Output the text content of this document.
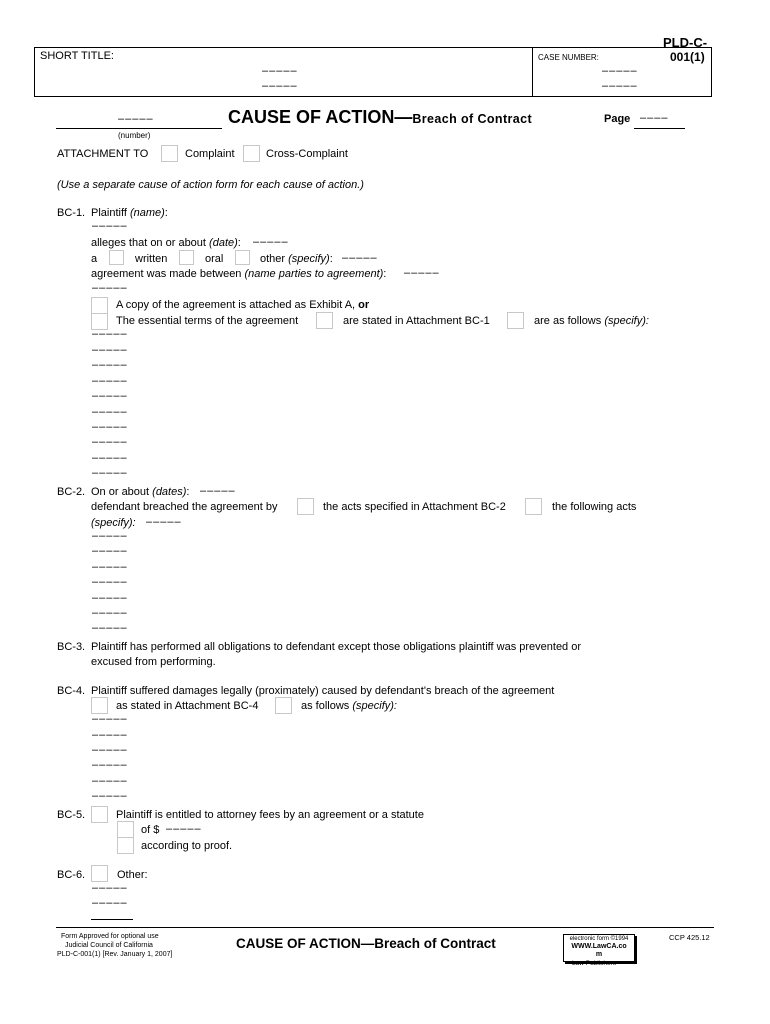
PLD-C-
SHORT TITLE:
–––––
–––––
CASE NUMBER:	001(1)
–––––
–––––
–––––
(number)
CAUSE OF ACTION—Breach of Contract	Page ––––
ATTACHMENT TO	Complaint	Cross-Complaint
(Use a separate cause of action form for each cause of action.)
BC-1. Plaintiff (name):
–––––
alleges that on or about (date): –––––
a	written	oral	other (specify): –––––
agreement was made between (name parties to agreement): –––––
–––––
A copy of the agreement is attached as Exhibit A, or
The essential terms of the agreement	are stated in Attachment BC-1	are as follows (specify):
–––––
–––––
–––––
–––––
–––––
–––––
–––––
–––––
–––––
–––––
BC-2. On or about (dates): –––––
defendant breached the agreement by	the acts specified in Attachment BC-2	the following acts
(specify): –––––
–––––
–––––
–––––
–––––
–––––
–––––
–––––
BC-3. Plaintiff has performed all obligations to defendant except those obligations plaintiff was prevented or
excused from performing.
BC-4. Plaintiff suffered damages legally (proximately) caused by defendant's breach of the agreement
as stated in Attachment BC-4	as follows (specify):
–––––
–––––
–––––
–––––
–––––
–––––
BC-5.	Plaintiff is entitled to attorney fees by an agreement or a statute
of $ –––––
according to proof.
BC-6.	Other:
–––––
–––––
Form Approved for optional use
Judicial Council of California
PLD-C-001(1) [Rev. January 1, 2007]
CAUSE OF ACTION—Breach of Contract	electronic form ©1994
WWW.LawCA.co
m
Law Publishers
CCP 425.12
